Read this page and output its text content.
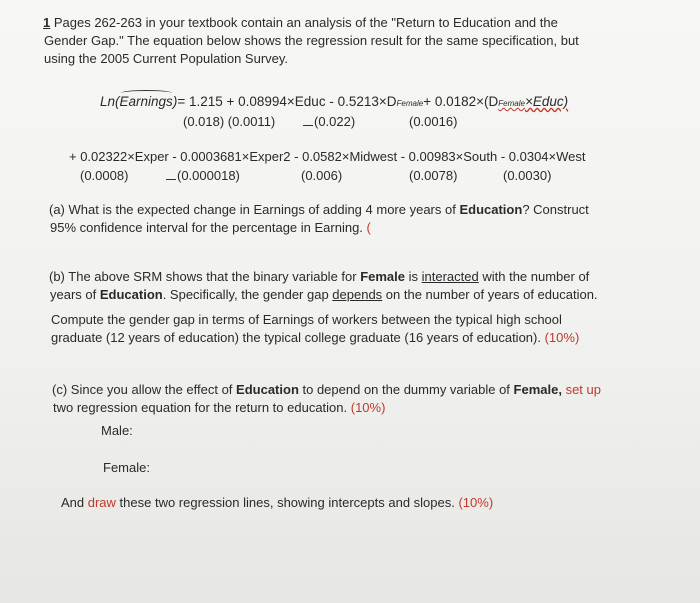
1 Pages 262-263 in your textbook contain an analysis of the "Return to Education and the
Gender Gap." The equation below shows the regression result for the same specification, but
using the 2005 Current Population Survey.
Ln(Earnings)= 1.215 + 0.08994×Educ - 0.5213×DFemale+ 0.0182×(DFemale×Educ)
(0.018) (0.0011)	(0.022)	(0.0016)
+ 0.02322×Exper - 0.0003681×Exper2 - 0.0582×Midwest - 0.00983×South - 0.0304×West
(0.0008)	(0.000018)	(0.006)	(0.0078)	(0.0030)
(a) What is the expected change in Earnings of adding 4 more years of Education? Construct
95% confidence interval for the percentage in Earning. (
(b) The above SRM shows that the binary variable for Female is interacted with the number of
years of Education. Specifically, the gender gap depends on the number of years of education.
Compute the gender gap in terms of Earnings of workers between the typical high school
graduate (12 years of education) the typical college graduate (16 years of education). (10%)
(c) Since you allow the effect of Education to depend on the dummy variable of Female, set up
two regression equation for the return to education. (10%)
Male:
Female:
And draw these two regression lines, showing intercepts and slopes. (10%)
